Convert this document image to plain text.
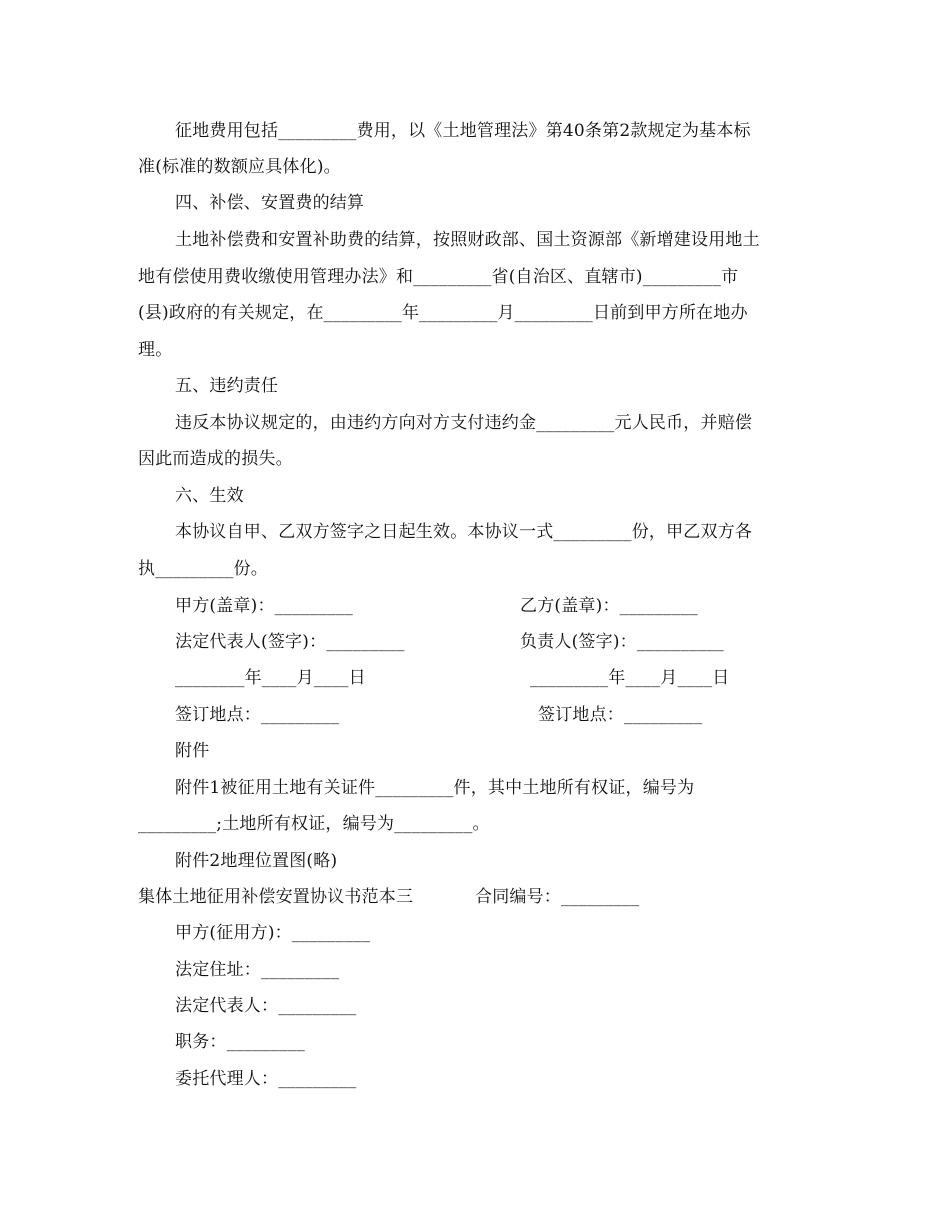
征地费用包括_________费用，以《土地管理法》第40条第2款规定为基本标
准(标准的数额应具体化)。
四、补偿、安置费的结算
土地补偿费和安置补助费的结算，按照财政部、国土资源部《新增建设用地土
地有偿使用费收缴使用管理办法》和_________省(自治区、直辖市)_________市
(县)政府的有关规定，在_________年_________月_________日前到甲方所在地办
理。
五、违约责任
违反本协议规定的，由违约方向对方支付违约金_________元人民币，并赔偿
因此而造成的损失。
六、生效
本协议自甲、乙双方签字之日起生效。本协议一式_________份，甲乙双方各
执_________份。
甲方(盖章)：_________	乙方(盖章)：_________
法定代表人(签字)：_________	负责人(签字)：__________
________年____月____日	_________年____月____日
签订地点：_________	签订地点：_________
附件
附件1被征用土地有关证件_________件，其中土地所有权证，编号为
_________;土地所有权证，编号为_________。
附件2地理位置图(略)
集体土地征用补偿安置协议书范本三	合同编号：_________
甲方(征用方)：_________
法定住址：_________
法定代表人：_________
职务：_________
委托代理人：_________
